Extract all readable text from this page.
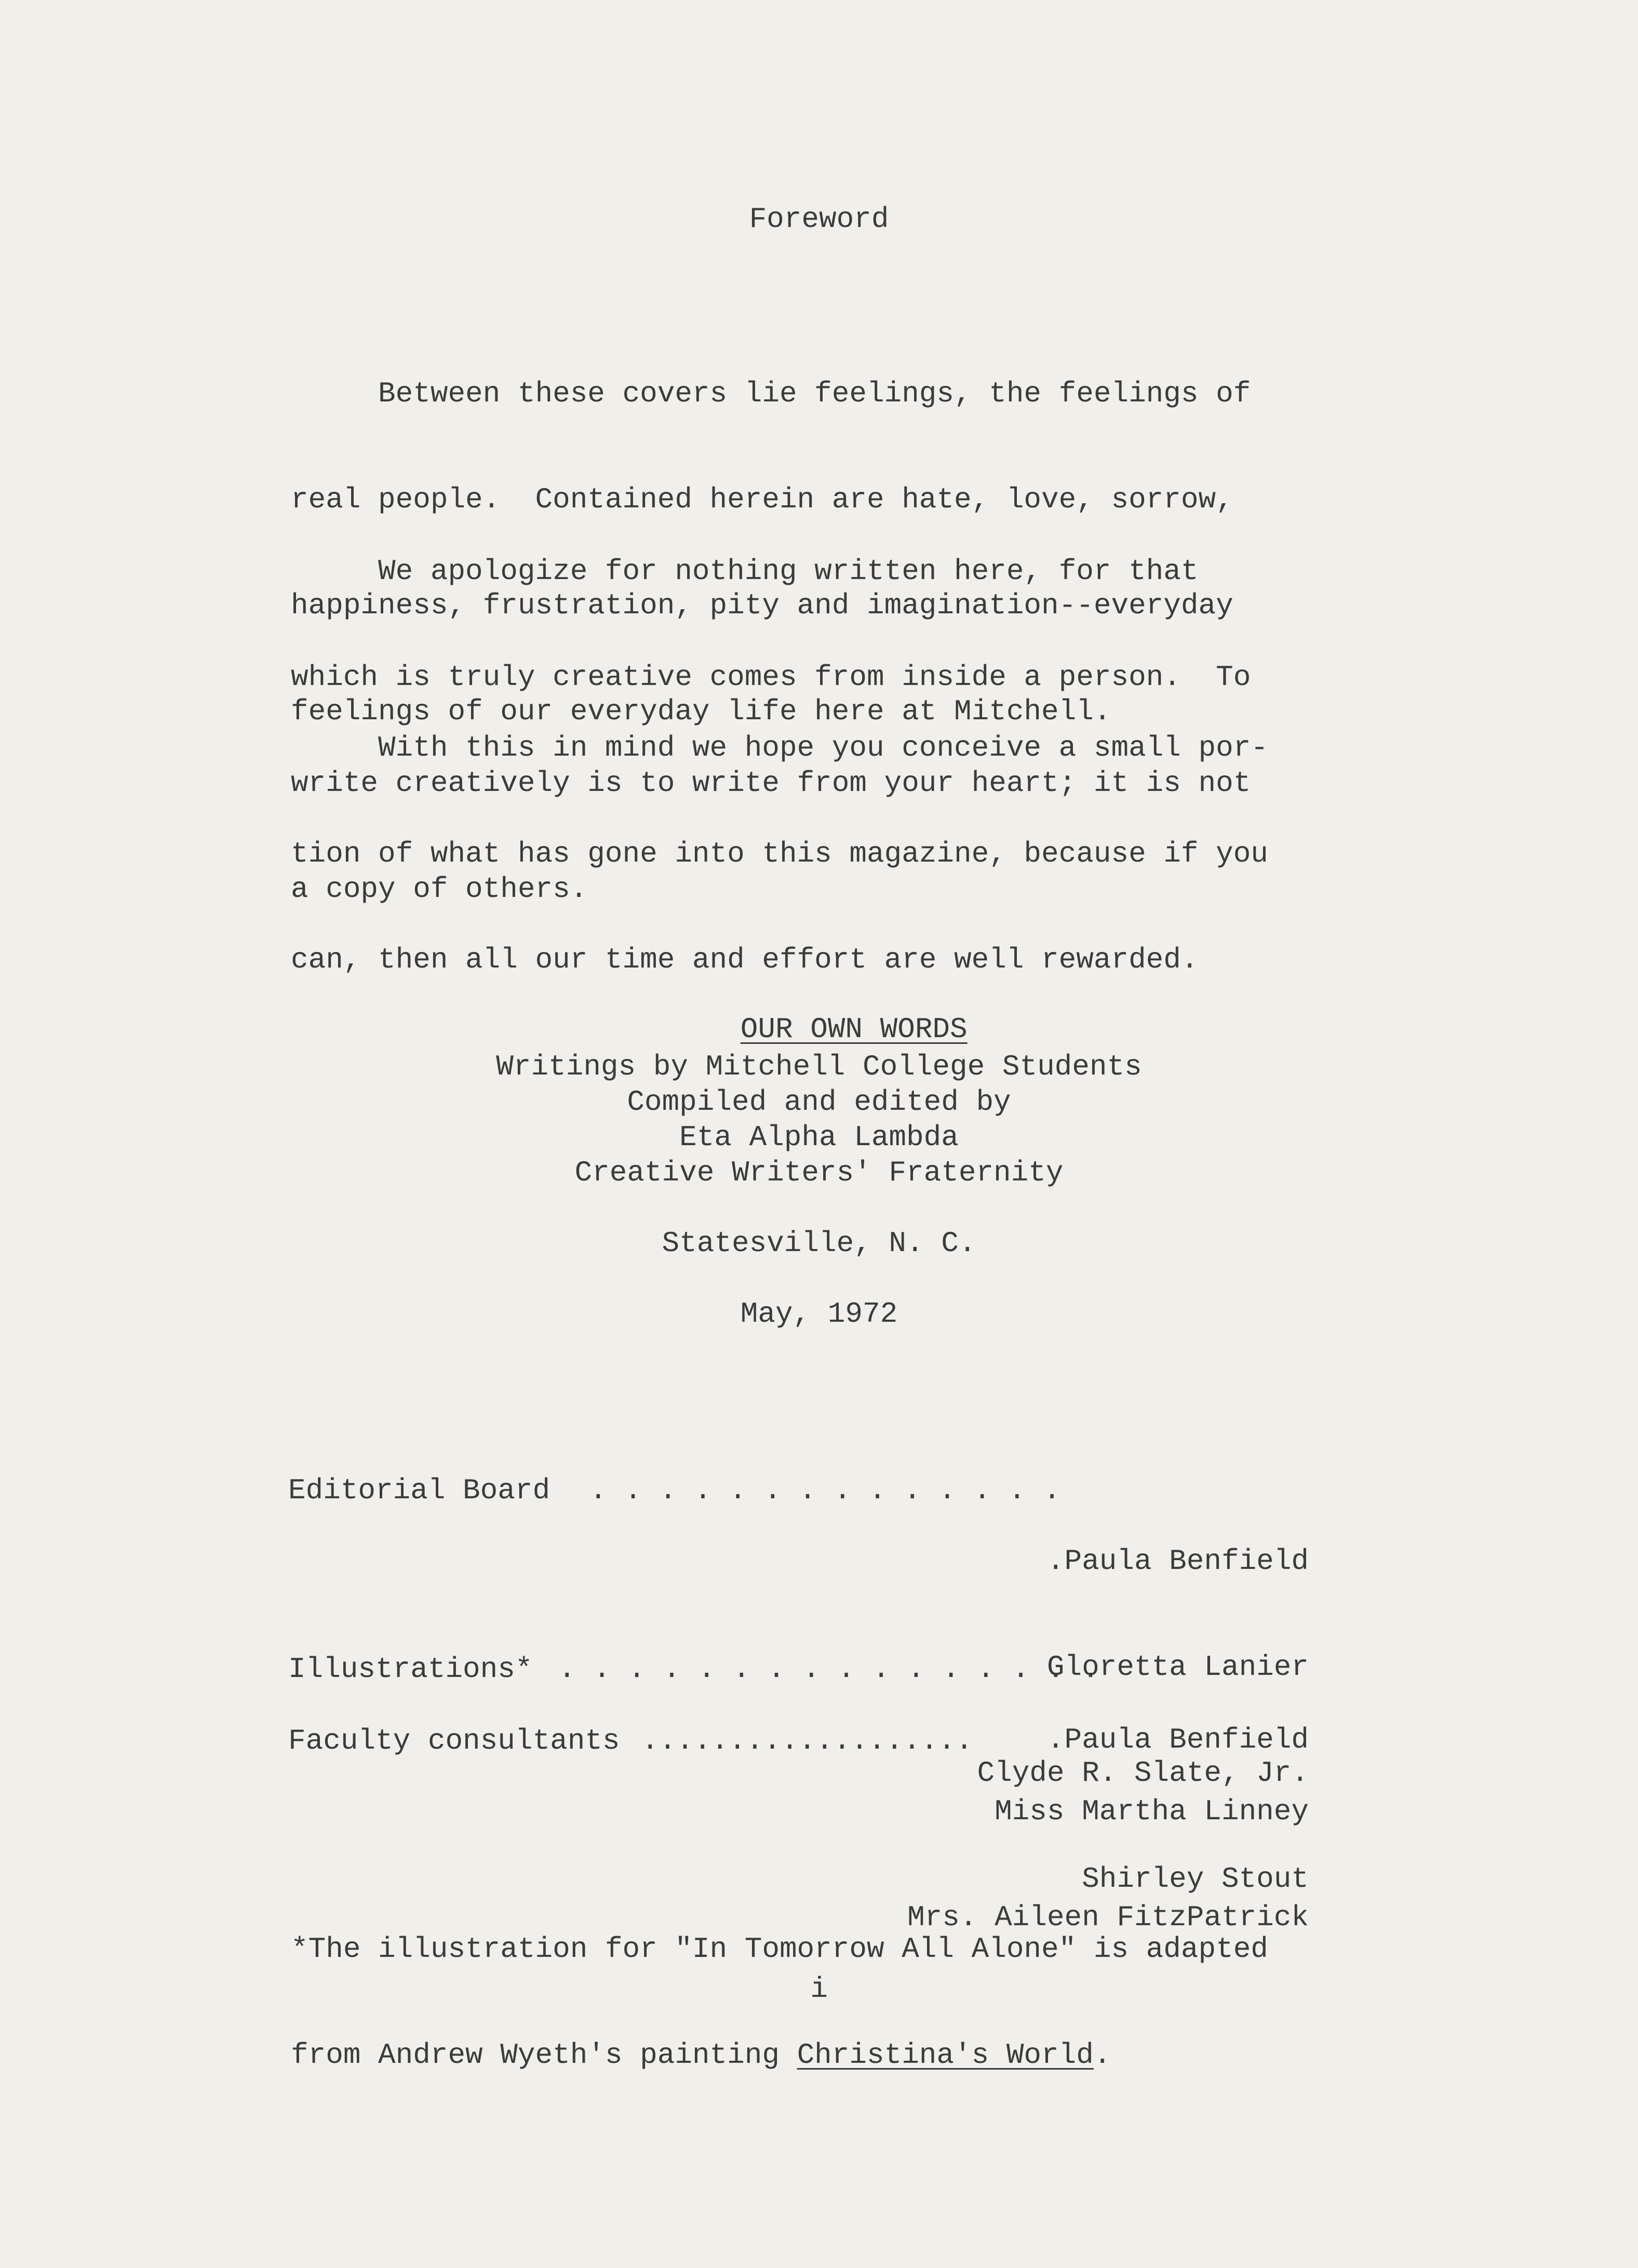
Foreword

Between these covers lie feelings, the feelings of

real people.  Contained herein are hate, love, sorrow,

happiness, frustration, pity and imagination--everyday

feelings of our everyday life here at Mitchell.

We apologize for nothing written here, for that

which is truly creative comes from inside a person.  To

write creatively is to write from your heart; it is not

a copy of others.

With this in mind we hope you conceive a small por-

tion of what has gone into this magazine, because if you

can, then all our time and effort are well rewarded.

OUR OWN WORDS

Writings by Mitchell College Students
Compiled and edited by
Eta Alpha Lambda
Creative Writers' Fraternity
Statesville, N. C.
May, 1972

Editorial Board

. . . . . . . . . . . . . .

.Paula Benfield

Gloretta Lanier

Clyde R. Slate, Jr.

Shirley Stout

Illustrations*

. . . . . . . . . . . . . . . .

.Paula Benfield

Faculty consultants

...................

Miss Martha Linney

Mrs. Aileen FitzPatrick

*The illustration for "In Tomorrow All Alone" is adapted

from Andrew Wyeth's painting Christina's World.

i
